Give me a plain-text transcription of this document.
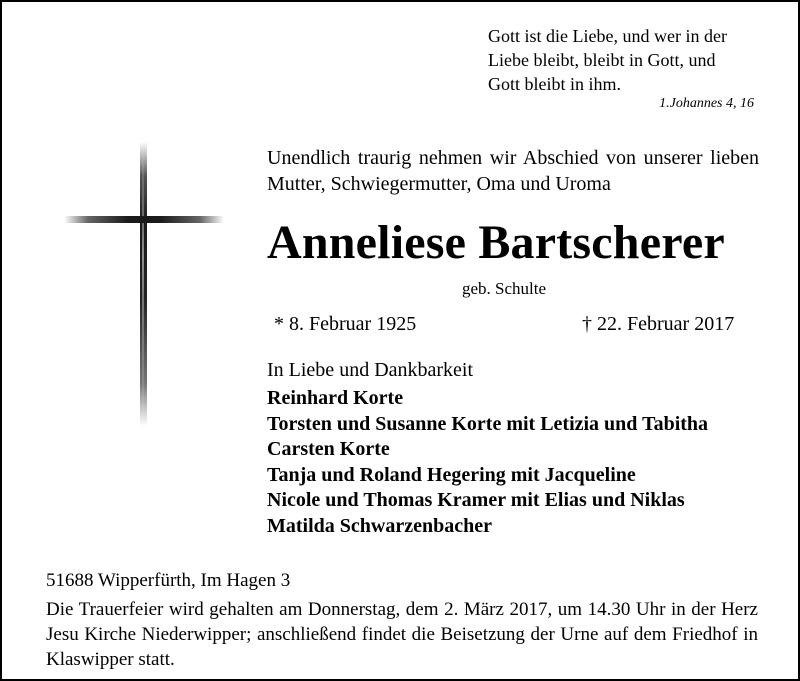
Gott ist die Liebe, und wer in der
Liebe bleibt, bleibt in Gott, und
Gott bleibt in ihm.
1.Johannes 4, 16
Unendlich traurig nehmen wir Abschied von unserer lieben Mutter, Schwiegermutter, Oma und Uroma
Anneliese Bartscherer
geb. Schulte
* 8. Februar 1925	† 22. Februar 2017
In Liebe und Dankbarkeit
Reinhard Korte
Torsten und Susanne Korte mit Letizia und Tabitha
Carsten Korte
Tanja und Roland Hegering mit Jacqueline
Nicole und Thomas Kramer mit Elias und Niklas
Matilda Schwarzenbacher
51688 Wipperfürth, Im Hagen 3
Die Trauerfeier wird gehalten am Donnerstag, dem 2. März 2017, um 14.30 Uhr in der Herz Jesu Kirche Niederwipper; anschließend findet die Beisetzung der Urne auf dem Friedhof in Klaswipper statt.
